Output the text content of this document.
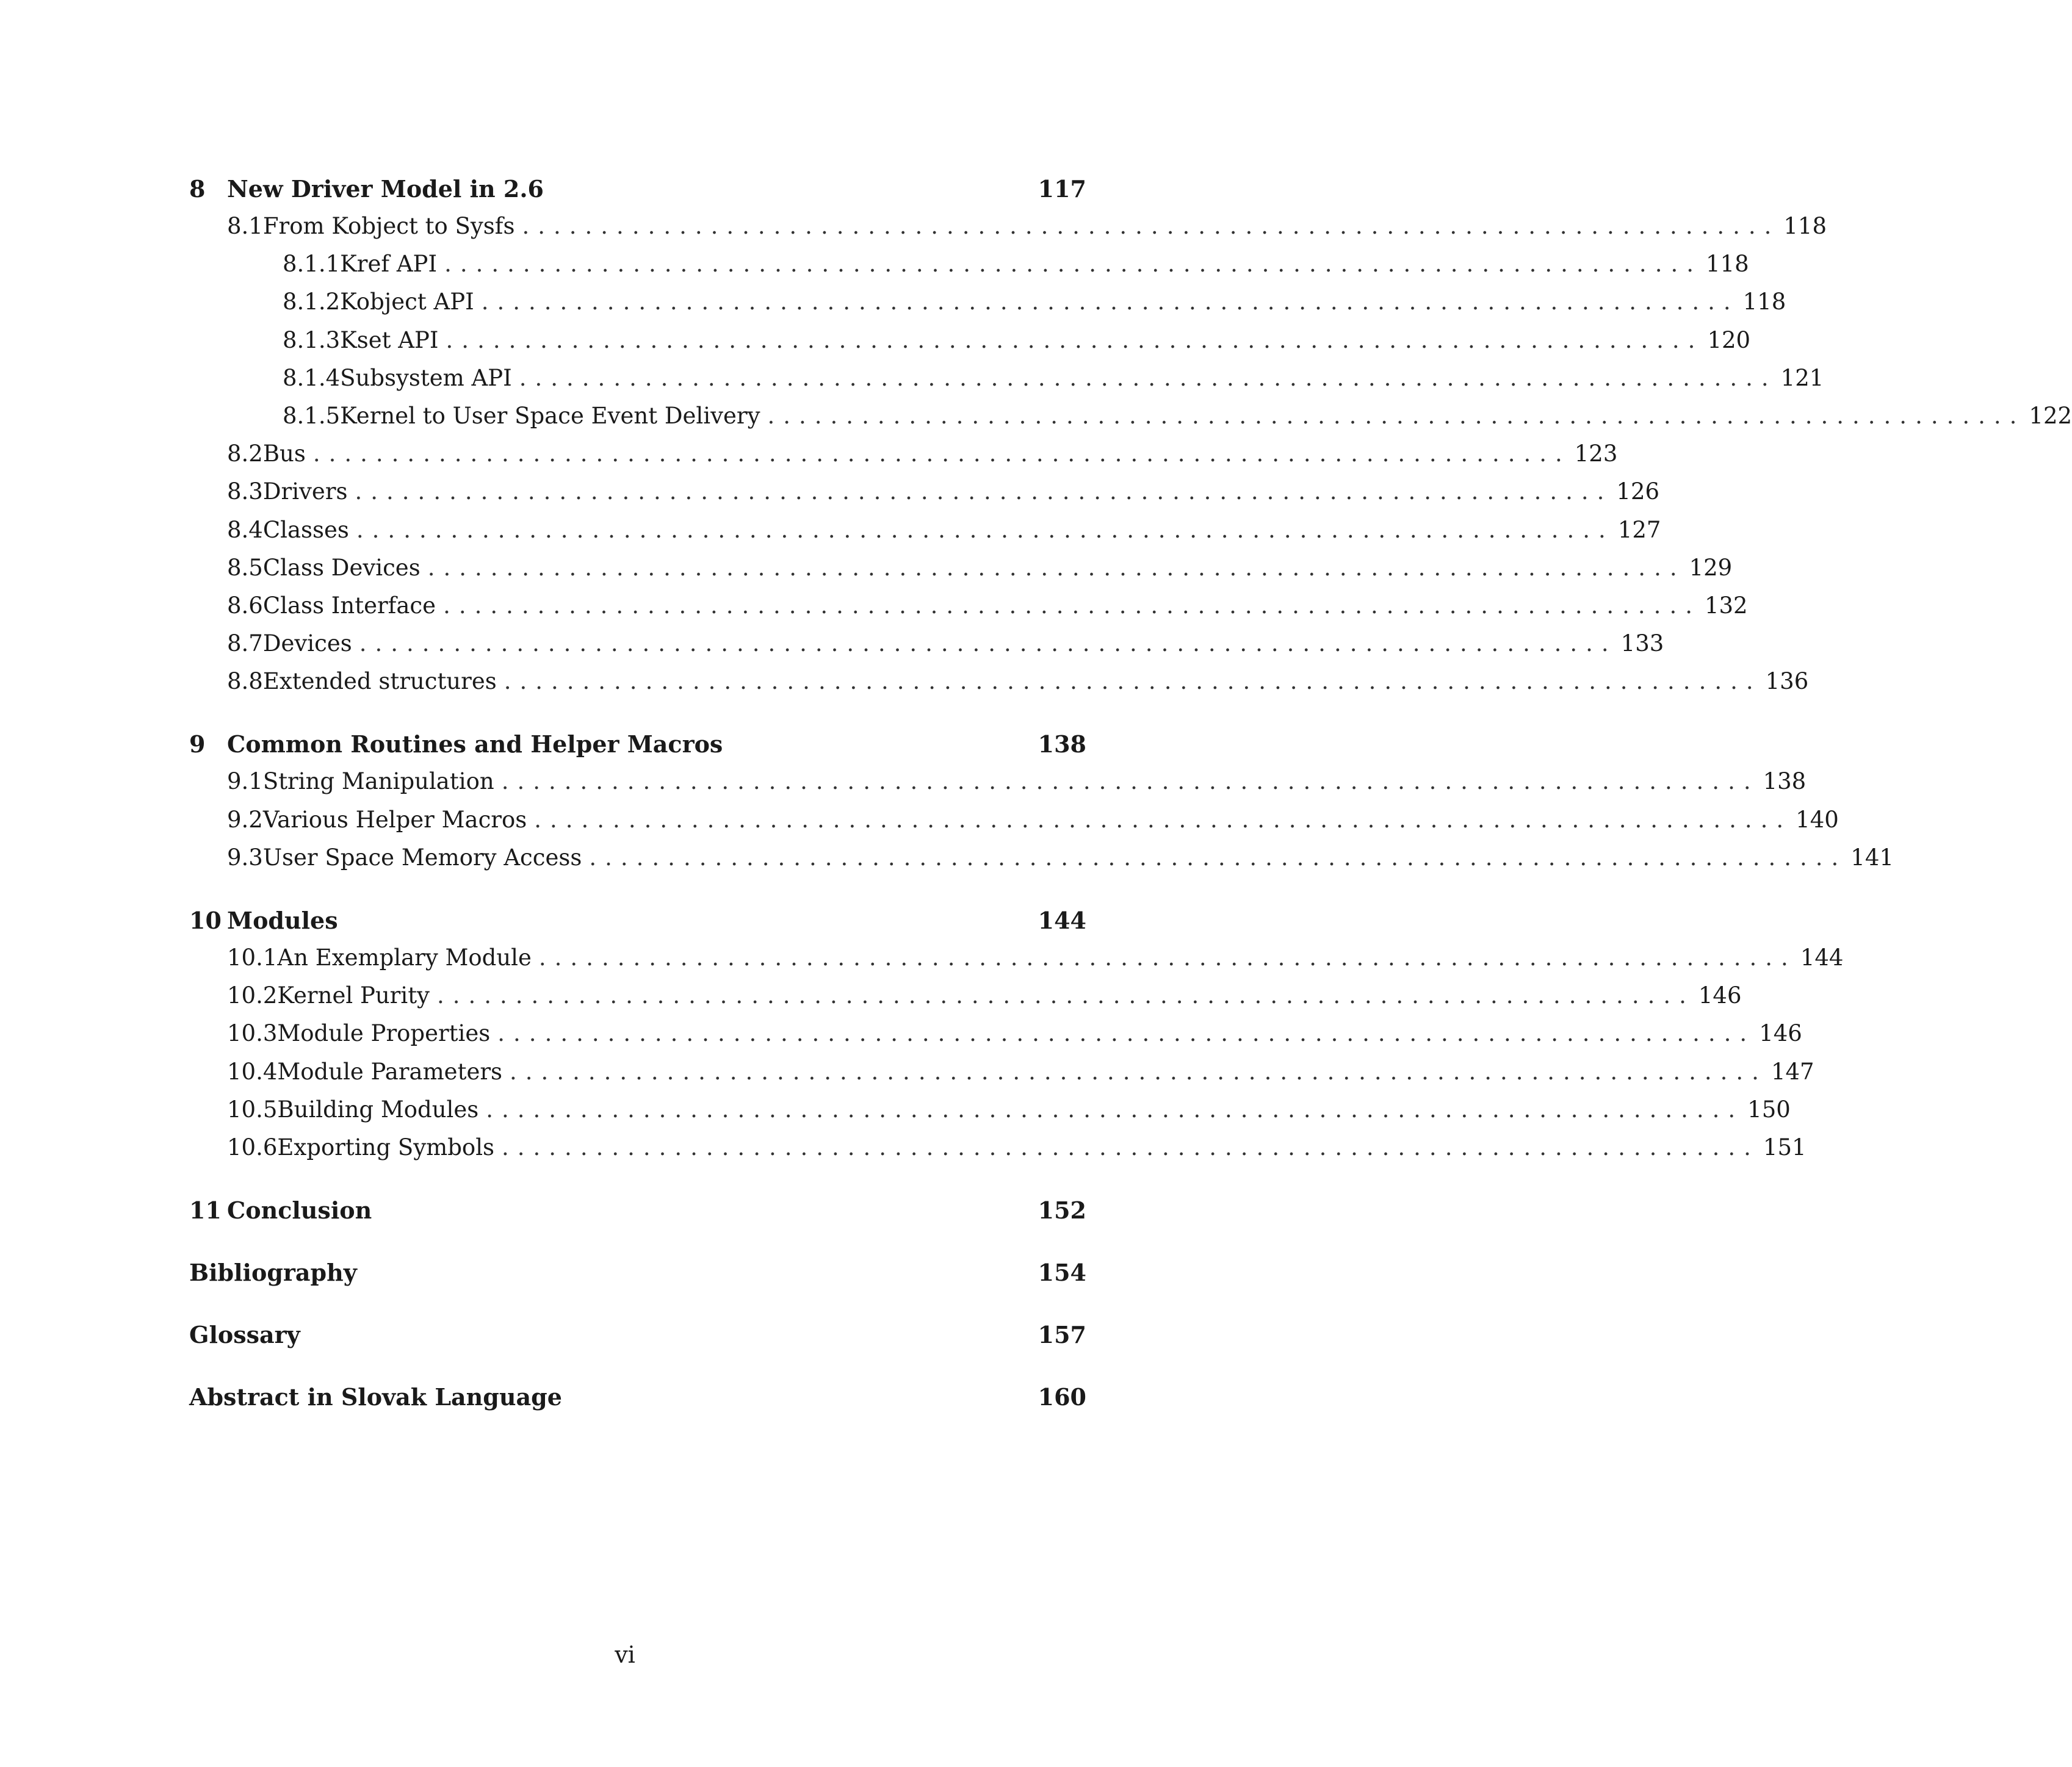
8 New Driver Model in 2.6	117
8.1 From Kobject to Sysfs ................................................................................ 118
8.1.1 Kref API ................................................................................ 118
8.1.2 Kobject API ................................................................................ 118
8.1.3 Kset API ................................................................................ 120
8.1.4 Subsystem API ................................................................................ 121
8.1.5 Kernel to User Space Event Delivery ................................................................................ 122
8.2 Bus ................................................................................ 123
8.3 Drivers ................................................................................ 126
8.4 Classes ................................................................................ 127
8.5 Class Devices ................................................................................ 129
8.6 Class Interface ................................................................................ 132
8.7 Devices ................................................................................ 133
8.8 Extended structures ................................................................................ 136
9 Common Routines and Helper Macros	138
9.1 String Manipulation ................................................................................ 138
9.2 Various Helper Macros ................................................................................ 140
9.3 User Space Memory Access ................................................................................ 141
10 Modules	144
10.1 An Exemplary Module ................................................................................ 144
10.2 Kernel Purity ................................................................................ 146
10.3 Module Properties ................................................................................ 146
10.4 Module Parameters ................................................................................ 147
10.5 Building Modules ................................................................................ 150
10.6 Exporting Symbols ................................................................................ 151
11 Conclusion	152
Bibliography	154
Glossary	157
Abstract in Slovak Language	160
vi
